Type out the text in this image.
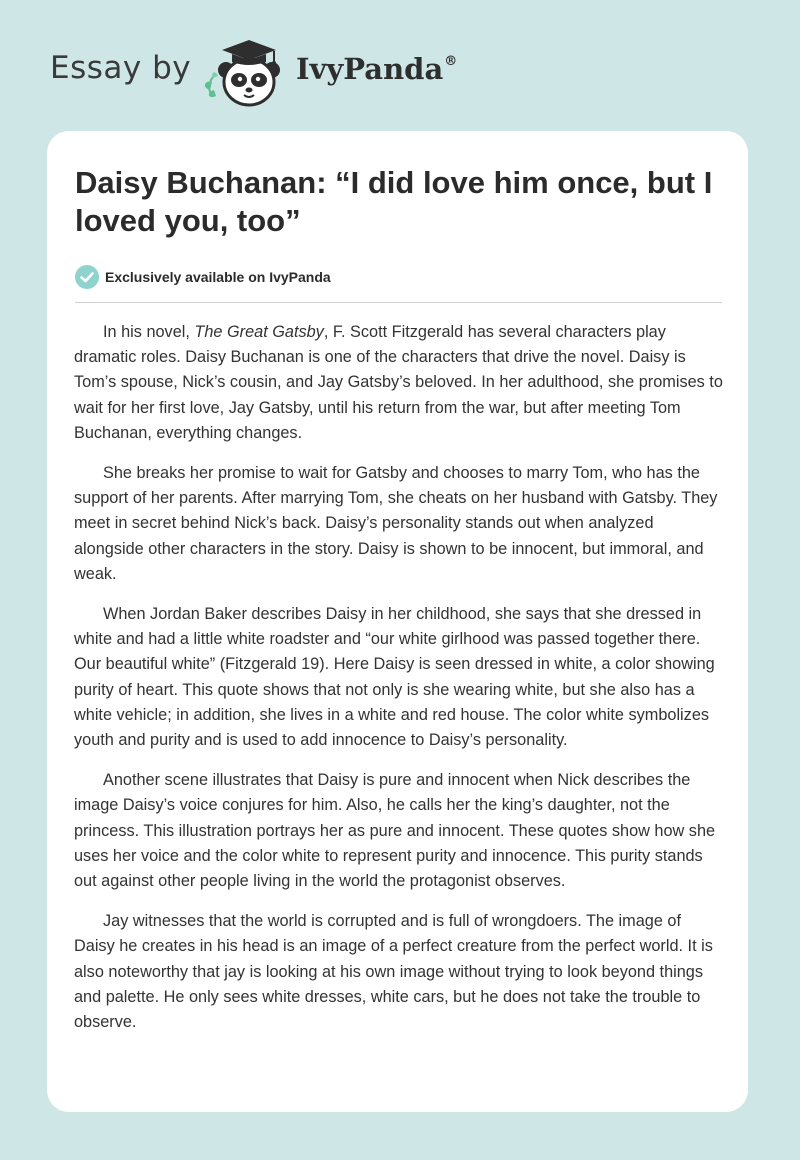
Essay by	IvyPanda®
Daisy Buchanan: “I did love him once, but I loved you, too”
Exclusively available on IvyPanda

In his novel, The Great Gatsby, F. Scott Fitzgerald has several characters play dramatic roles. Daisy Buchanan is one of the characters that drive the novel. Daisy is Tom’s spouse, Nick’s cousin, and Jay Gatsby’s beloved. In her adulthood, she promises to wait for her first love, Jay Gatsby, until his return from the war, but after meeting Tom Buchanan, everything changes.

She breaks her promise to wait for Gatsby and chooses to marry Tom, who has the support of her parents. After marrying Tom, she cheats on her husband with Gatsby. They meet in secret behind Nick’s back. Daisy’s personality stands out when analyzed alongside other characters in the story. Daisy is shown to be innocent, but immoral, and weak.

When Jordan Baker describes Daisy in her childhood, she says that she dressed in white and had a little white roadster and “our white girlhood was passed together there. Our beautiful white” (Fitzgerald 19). Here Daisy is seen dressed in white, a color showing purity of heart. This quote shows that not only is she wearing white, but she also has a white vehicle; in addition, she lives in a white and red house. The color white symbolizes youth and purity and is used to add innocence to Daisy’s personality.

Another scene illustrates that Daisy is pure and innocent when Nick describes the image Daisy’s voice conjures for him. Also, he calls her the king’s daughter, not the princess. This illustration portrays her as pure and innocent. These quotes show how she uses her voice and the color white to represent purity and innocence. This purity stands out against other people living in the world the protagonist observes.

Jay witnesses that the world is corrupted and is full of wrongdoers. The image of Daisy he creates in his head is an image of a perfect creature from the perfect world. It is also noteworthy that jay is looking at his own image without trying to look beyond things and palette. He only sees white dresses, white cars, but he does not take the trouble to observe.
